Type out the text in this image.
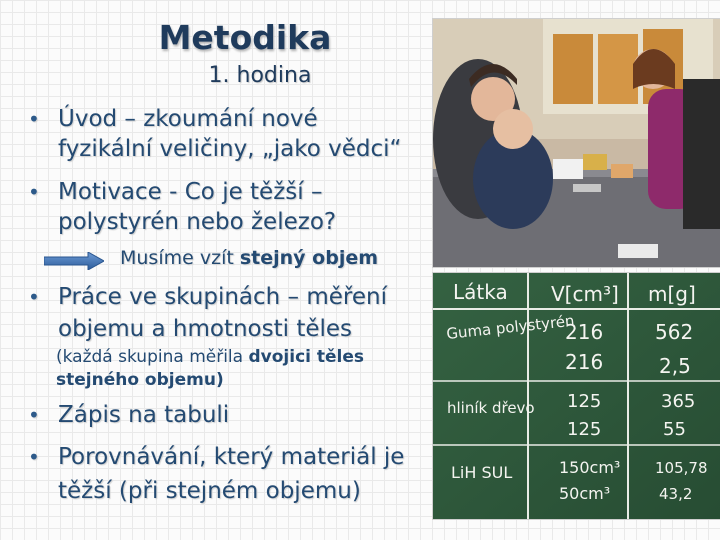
Metodika
1. hodina
• Úvod – zkoumání nové
fyzikální veličiny, „jako vědci“
• Motivace - Co je těžší –
polystyrén nebo železo?
Musíme vzít stejný objem
• Práce ve skupinách – měření
objemu a hmotnosti těles
(každá skupina měřila dvojici těles
stejného objemu)
• Zápis na tabuli
• Porovnávání, který materiál je
těžší (při stejném objemu)
Látka V[cm³] m[g]
Guma polystyrén
216
216
562
2,5
hliník dřevo 125
125
365
55
LiH SUL	150cm³
50cm³
105,78
43,2
